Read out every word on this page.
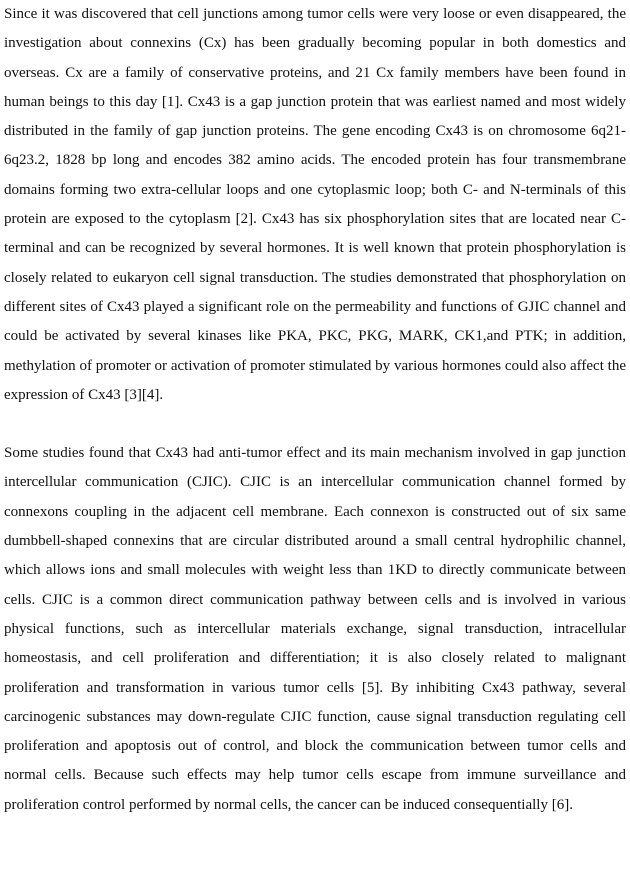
Since it was discovered that cell junctions among tumor cells were very loose or even disappeared, the investigation about connexins (Cx) has been gradually becoming popular in both domestics and overseas. Cx are a family of conservative proteins, and 21 Cx family members have been found in human beings to this day [1]. Cx43 is a gap junction protein that was earliest named and most widely distributed in the family of gap junction proteins. The gene encoding Cx43 is on chromosome 6q21-6q23.2, 1828 bp long and encodes 382 amino acids. The encoded protein has four transmembrane domains forming two extra-cellular loops and one cytoplasmic loop; both C- and N-terminals of this protein are exposed to the cytoplasm [2]. Cx43 has six phosphorylation sites that are located near C-terminal and can be recognized by several hormones. It is well known that protein phosphorylation is closely related to eukaryon cell signal transduction. The studies demonstrated that phosphorylation on different sites of Cx43 played a significant role on the permeability and functions of GJIC channel and could be activated by several kinases like PKA, PKC, PKG, MARK, CK1,and PTK; in addition, methylation of promoter or activation of promoter stimulated by various hormones could also affect the expression of Cx43 [3][4].

Some studies found that Cx43 had anti-tumor effect and its main mechanism involved in gap junction intercellular communication (CJIC). CJIC is an intercellular communication channel formed by connexons coupling in the adjacent cell membrane. Each connexon is constructed out of six same dumbbell-shaped connexins that are circular distributed around a small central hydrophilic channel, which allows ions and small molecules with weight less than 1KD to directly communicate between cells. CJIC is a common direct communication pathway between cells and is involved in various physical functions, such as intercellular materials exchange, signal transduction, intracellular homeostasis, and cell proliferation and differentiation; it is also closely related to malignant proliferation and transformation in various tumor cells [5]. By inhibiting Cx43 pathway, several carcinogenic substances may down-regulate CJIC function, cause signal transduction regulating cell proliferation and apoptosis out of control, and block the communication between tumor cells and normal cells. Because such effects may help tumor cells escape from immune surveillance and proliferation control performed by normal cells, the cancer can be induced consequentially [6].
